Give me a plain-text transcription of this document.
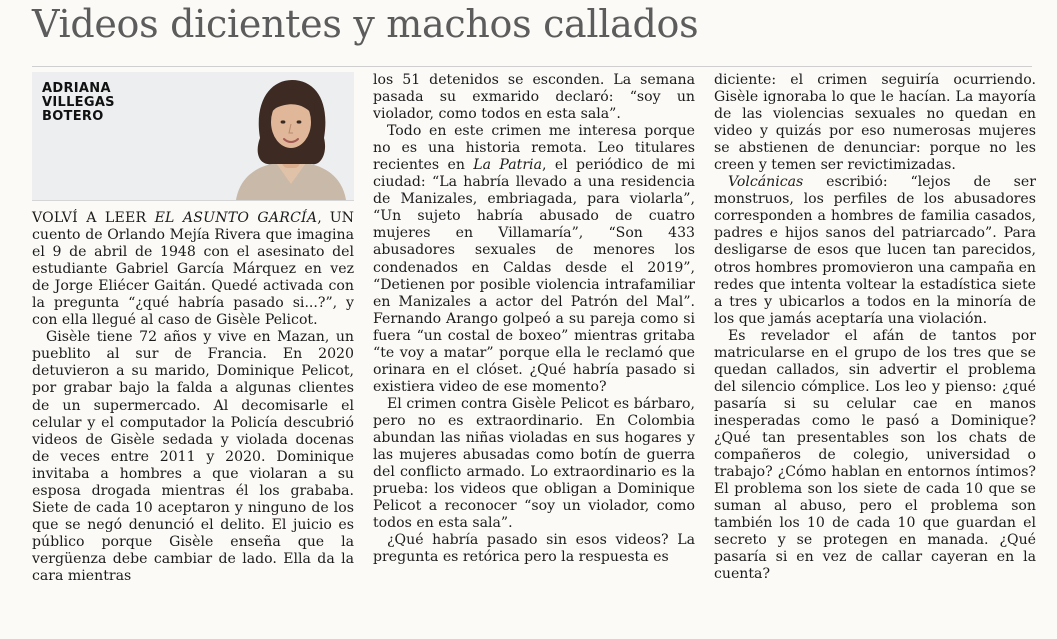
Videos dicientes y machos callados
ADRIANA
VILLEGAS
BOTERO

VOLVÍ A LEER EL ASUNTO GARCÍA, UN cuento de Orlando Mejía Rivera que imagina el 9 de abril de 1948 con el asesinato del estudiante Gabriel García Márquez en vez de Jorge Eliécer Gaitán. Quedé activada con la pregunta “¿qué habría pasado si...?”, y con ella llegué al caso de Gisèle Pelicot.

Gisèle tiene 72 años y vive en Mazan, un pueblito al sur de Francia. En 2020 detuvieron a su marido, Dominique Pelicot, por grabar bajo la falda a algunas clientes de un supermercado. Al decomisarle el celular y el computador la Policía descubrió videos de Gisèle sedada y violada docenas de veces entre 2011 y 2020. Dominique invitaba a hombres a que violaran a su esposa drogada mientras él los grababa. Siete de cada 10 aceptaron y ninguno de los que se negó denunció el delito. El juicio es público porque Gisèle enseña que la vergüenza debe cambiar de lado. Ella da la cara mientras

los 51 detenidos se esconden. La semana pasada su exmarido declaró: “soy un violador, como todos en esta sala”.

Todo en este crimen me interesa porque no es una historia remota. Leo titulares recientes en La Patria, el periódico de mi ciudad: “La habría llevado a una residencia de Manizales, embriagada, para violarla”, “Un sujeto habría abusado de cuatro mujeres en Villamaría”, “Son 433 abusadores sexuales de menores los condenados en Caldas desde el 2019”, “Detienen por posible violencia intrafamiliar en Manizales a actor del Patrón del Mal”. Fernando Arango golpeó a su pareja como si fuera “un costal de boxeo” mientras gritaba “te voy a matar” porque ella le reclamó que orinara en el clóset. ¿Qué habría pasado si existiera video de ese momento?

El crimen contra Gisèle Pelicot es bárbaro, pero no es extraordinario. En Colombia abundan las niñas violadas en sus hogares y las mujeres abusadas como botín de guerra del conflicto armado. Lo extraordinario es la prueba: los videos que obligan a Dominique Pelicot a reconocer “soy un violador, como todos en esta sala”.

¿Qué habría pasado sin esos videos? La pregunta es retórica pero la respuesta es

diciente: el crimen seguiría ocurriendo. Gisèle ignoraba lo que le hacían. La mayoría de las violencias sexuales no quedan en video y quizás por eso numerosas mujeres se abstienen de denunciar: porque no les creen y temen ser revictimizadas.

Volcánicas escribió: “lejos de ser monstruos, los perfiles de los abusadores corresponden a hombres de familia casados, padres e hijos sanos del patriarcado”. Para desligarse de esos que lucen tan parecidos, otros hombres promovieron una campaña en redes que intenta voltear la estadística siete a tres y ubicarlos a todos en la minoría de los que jamás aceptaría una violación.

Es revelador el afán de tantos por matricularse en el grupo de los tres que se quedan callados, sin advertir el problema del silencio cómplice. Los leo y pienso: ¿qué pasaría si su celular cae en manos inesperadas como le pasó a Dominique? ¿Qué tan presentables son los chats de compañeros de colegio, universidad o trabajo? ¿Cómo hablan en entornos íntimos? El problema son los siete de cada 10 que se suman al abuso, pero el problema son también los 10 de cada 10 que guardan el secreto y se protegen en manada. ¿Qué pasaría si en vez de callar cayeran en la cuenta?
